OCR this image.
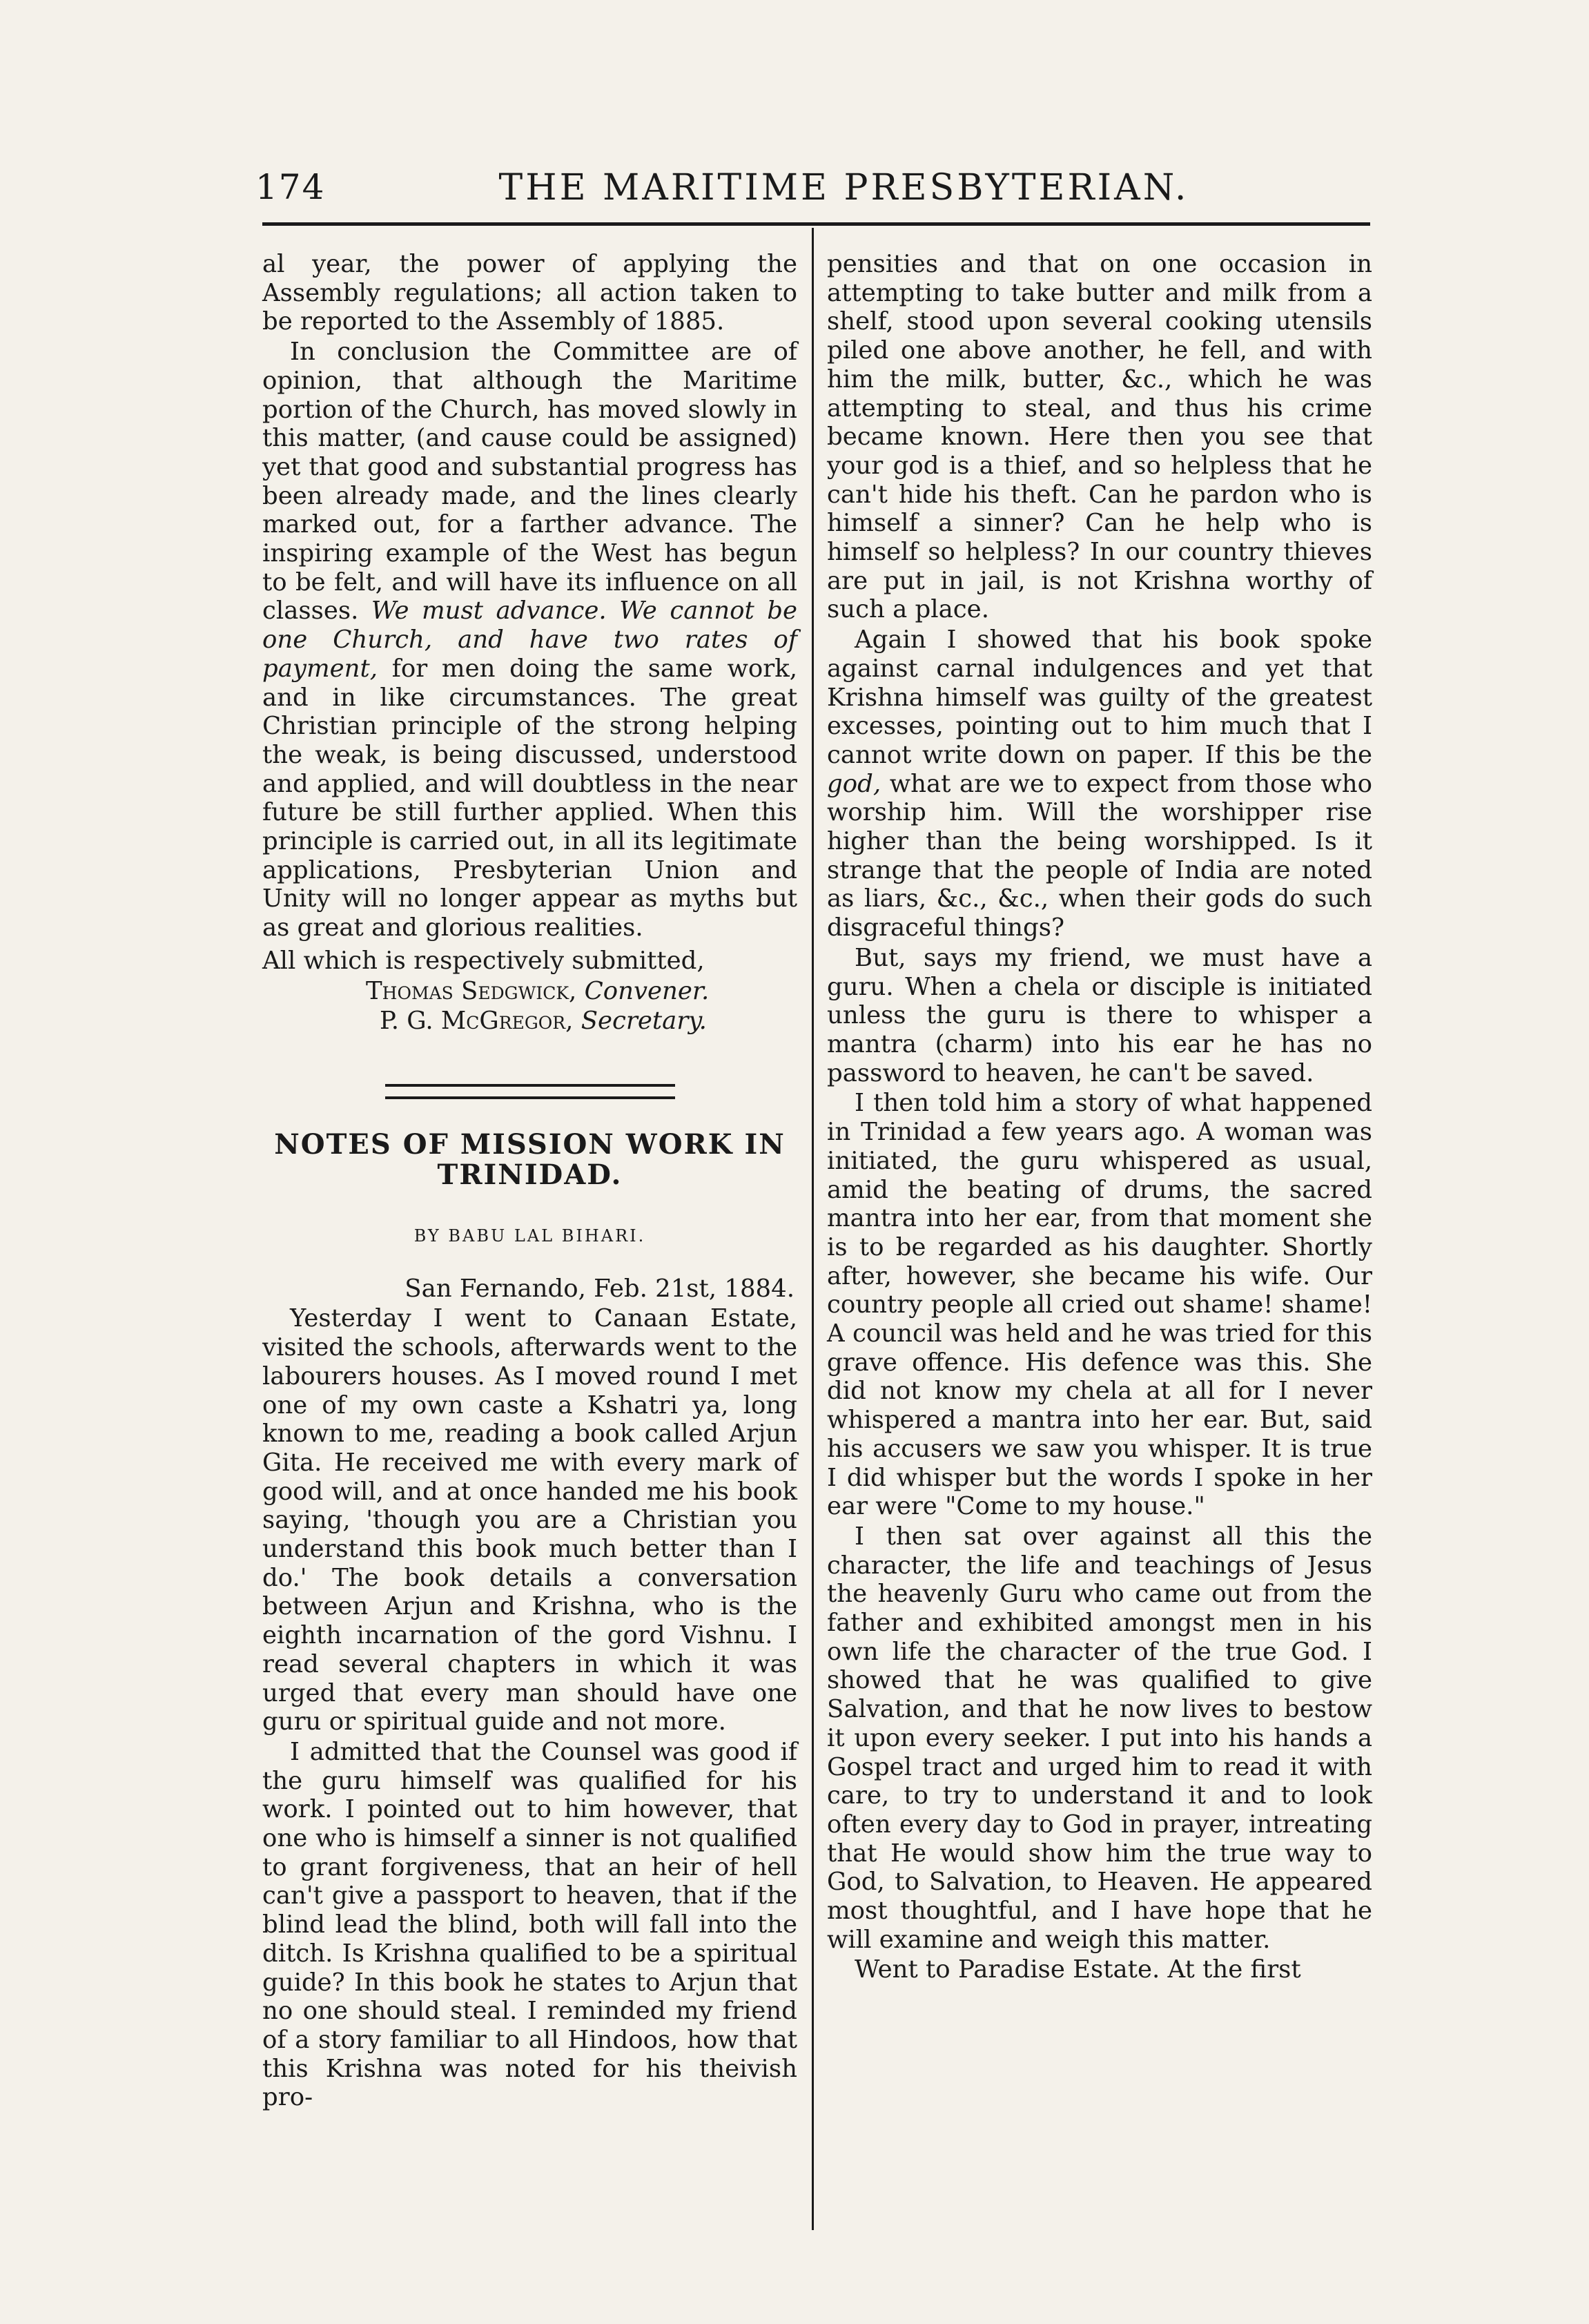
174	THE MARITIME PRESBYTERIAN.

al year, the power of applying the Assembly regulations; all action taken to be reported to the Assembly of 1885.

In conclusion the Committee are of opinion, that although the Maritime portion of the Church, has moved slowly in this matter, (and cause could be assigned) yet that good and substantial progress has been already made, and the lines clearly marked out, for a farther advance. The inspiring example of the West has begun to be felt, and will have its influence on all classes. We must advance. We cannot be one Church, and have two rates of payment, for men doing the same work, and in like circumstances. The great Christian principle of the strong helping the weak, is being discussed, understood and applied, and will doubtless in the near future be still further applied. When this principle is carried out, in all its legitimate applications, Presbyterian Union and Unity will no longer appear as myths but as great and glorious realities.

All which is respectively submitted,

Thomas Sedgwick, Convener.

P. G. McGregor, Secretary.

NOTES OF MISSION WORK IN TRINIDAD.
BY BABU LAL BIHARI.

San Fernando, Feb. 21st, 1884.

Yesterday I went to Canaan Estate, visited the schools, afterwards went to the labourers houses. As I moved round I met one of my own caste a Kshatri ya, long known to me, reading a book called Arjun Gita. He received me with every mark of good will, and at once handed me his book saying, 'though you are a Christian you understand this book much better than I do.' The book details a conversation between Arjun and Krishna, who is the eighth incarnation of the gord Vishnu. I read several chapters in which it was urged that every man should have one guru or spiritual guide and not more.

I admitted that the Counsel was good if the guru himself was qualified for his work. I pointed out to him however, that one who is himself a sinner is not qualified to grant forgiveness, that an heir of hell can't give a passport to heaven, that if the blind lead the blind, both will fall into the ditch. Is Krishna qualified to be a spiritual guide? In this book he states to Arjun that no one should steal. I reminded my friend of a story familiar to all Hindoos, how that this Krishna was noted for his theivish pro-

pensities and that on one occasion in attempting to take butter and milk from a shelf, stood upon several cooking utensils piled one above another, he fell, and with him the milk, butter, &c., which he was attempting to steal, and thus his crime became known. Here then you see that your god is a thief, and so helpless that he can't hide his theft. Can he pardon who is himself a sinner? Can he help who is himself so helpless? In our country thieves are put in jail, is not Krishna worthy of such a place.

Again I showed that his book spoke against carnal indulgences and yet that Krishna himself was guilty of the greatest excesses, pointing out to him much that I cannot write down on paper. If this be the god, what are we to expect from those who worship him. Will the worshipper rise higher than the being worshipped. Is it strange that the people of India are noted as liars, &c., &c., when their gods do such disgraceful things?

But, says my friend, we must have a guru. When a chela or disciple is initiated unless the guru is there to whisper a mantra (charm) into his ear he has no password to heaven, he can't be saved.

I then told him a story of what happened in Trinidad a few years ago. A woman was initiated, the guru whispered as usual, amid the beating of drums, the sacred mantra into her ear, from that moment she is to be regarded as his daughter. Shortly after, however, she became his wife. Our country people all cried out shame! shame! A council was held and he was tried for this grave offence. His defence was this. She did not know my chela at all for I never whispered a mantra into her ear. But, said his accusers we saw you whisper. It is true I did whisper but the words I spoke in her ear were "Come to my house."

I then sat over against all this the character, the life and teachings of Jesus the heavenly Guru who came out from the father and exhibited amongst men in his own life the character of the true God. I showed that he was qualified to give Salvation, and that he now lives to bestow it upon every seeker. I put into his hands a Gospel tract and urged him to read it with care, to try to understand it and to look often every day to God in prayer, intreating that He would show him the true way to God, to Salvation, to Heaven. He appeared most thoughtful, and I have hope that he will examine and weigh this matter.

Went to Paradise Estate. At the first
